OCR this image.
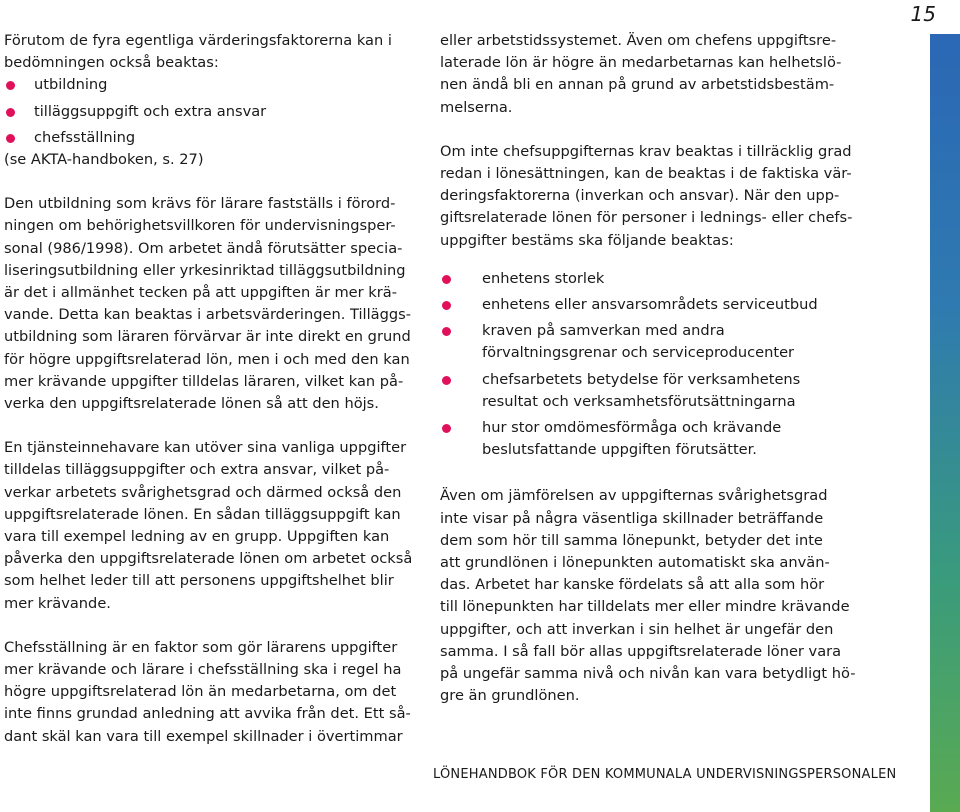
15
Förutom de fyra egentliga värderingsfaktorerna kan i
bedömningen också beaktas:
utbildning
tilläggsuppgift och extra ansvar
chefsställning
(se AKTA-handboken, s. 27)
Den utbildning som krävs för lärare fastställs i förord-
ningen om behörighetsvillkoren för undervisningsper-
sonal (986/1998). Om arbetet ändå förutsätter specia-
liseringsutbildning eller yrkesinriktad tilläggsutbildning
är det i allmänhet tecken på att uppgiften är mer krä-
vande. Detta kan beaktas i arbetsvärderingen. Tilläggs-
utbildning som läraren förvärvar är inte direkt en grund
för högre uppgiftsrelaterad lön, men i och med den kan
mer krävande uppgifter tilldelas läraren, vilket kan på-
verka den uppgiftsrelaterade lönen så att den höjs.
En tjänsteinnehavare kan utöver sina vanliga uppgifter
tilldelas tilläggsuppgifter och extra ansvar, vilket på-
verkar arbetets svårighetsgrad och därmed också den
uppgiftsrelaterade lönen. En sådan tilläggsuppgift kan
vara till exempel ledning av en grupp. Uppgiften kan
påverka den uppgiftsrelaterade lönen om arbetet också
som helhet leder till att personens uppgiftshelhet blir
mer krävande.
Chefsställning är en faktor som gör lärarens uppgifter
mer krävande och lärare i chefsställning ska i regel ha
högre uppgiftsrelaterad lön än medarbetarna, om det
inte finns grundad anledning att avvika från det. Ett så-
dant skäl kan vara till exempel skillnader i övertimmar
eller arbetstidssystemet. Även om chefens uppgiftsre-
laterade lön är högre än medarbetarnas kan helhetslö-
nen ändå bli en annan på grund av arbetstidsbestäm-
melserna.
Om inte chefsuppgifternas krav beaktas i tillräcklig grad
redan i lönesättningen, kan de beaktas i de faktiska vär-
deringsfaktorerna (inverkan och ansvar). När den upp-
giftsrelaterade lönen för personer i lednings- eller chefs-
uppgifter bestäms ska följande beaktas:
enhetens storlek
enhetens eller ansvarsområdets serviceutbud
kraven på samverkan med andra
förvaltningsgrenar och serviceproducenter
chefsarbetets betydelse för verksamhetens
resultat och verksamhetsförutsättningarna
hur stor omdömesförmåga och krävande
beslutsfattande uppgiften förutsätter.
Även om jämförelsen av uppgifternas svårighetsgrad
inte visar på några väsentliga skillnader beträffande
dem som hör till samma lönepunkt, betyder det inte
att grundlönen i lönepunkten automatiskt ska använ-
das. Arbetet har kanske fördelats så att alla som hör
till lönepunkten har tilldelats mer eller mindre krävande
uppgifter, och att inverkan i sin helhet är ungefär den
samma. I så fall bör allas uppgiftsrelaterade löner vara
på ungefär samma nivå och nivån kan vara betydligt hö-
gre än grundlönen.
LÖNEHANDBOK FÖR DEN KOMMUNALA UNDERVISNINGSPERSONALEN
